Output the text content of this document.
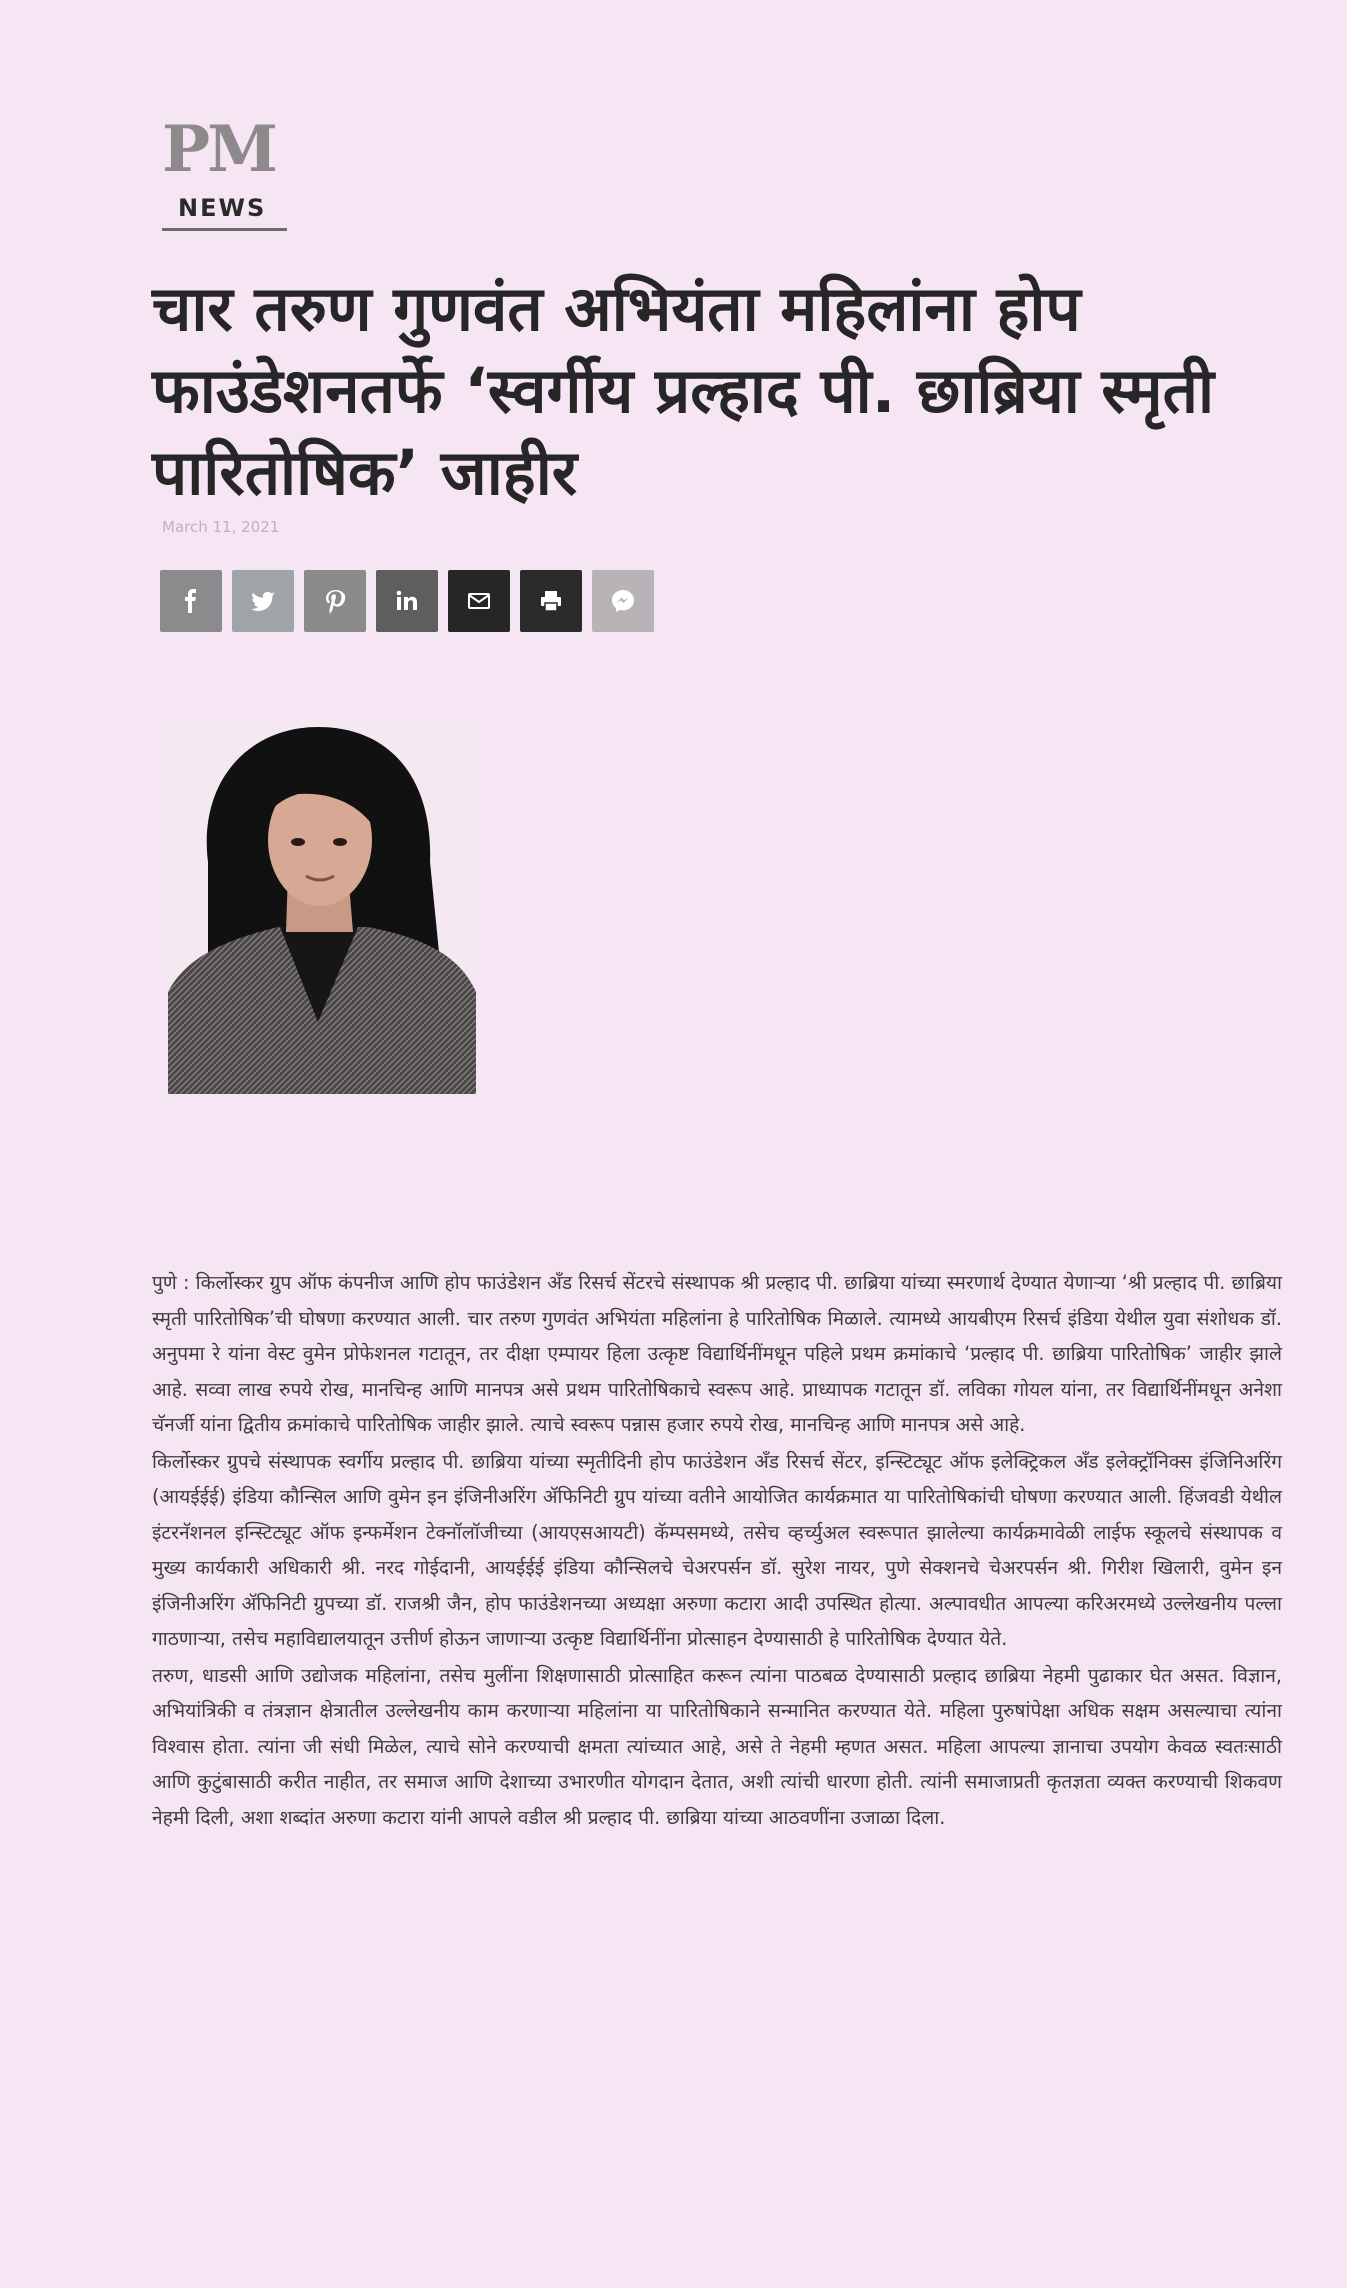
PM
NEWS
चार तरुण गुणवंत अभियंता महिलांना होप फाउंडेशनतर्फे ‘स्वर्गीय प्रल्हाद पी. छाब्रिया स्मृती पारितोषिक’ जाहीर
March 11, 2021

पुणे : किर्लोस्कर ग्रुप ऑफ कंपनीज आणि होप फाउंडेशन अँड रिसर्च सेंटरचे संस्थापक श्री प्रल्हाद पी. छाब्रिया यांच्या स्मरणार्थ देण्यात येणाऱ्या ‘श्री प्रल्हाद पी. छाब्रिया स्मृती पारितोषिक’ची घोषणा करण्यात आली. चार तरुण गुणवंत अभियंता महिलांना हे पारितोषिक मिळाले. त्यामध्ये आयबीएम रिसर्च इंडिया येथील युवा संशोधक डॉ. अनुपमा रे यांना वेस्ट वुमेन प्रोफेशनल गटातून, तर दीक्षा एम्पायर हिला उत्कृष्ट विद्यार्थिनींमधून पहिले प्रथम क्रमांकाचे ‘प्रल्हाद पी. छाब्रिया पारितोषिक’ जाहीर झाले आहे. सव्वा लाख रुपये रोख, मानचिन्ह आणि मानपत्र असे प्रथम पारितोषिकाचे स्वरूप आहे. प्राध्यापक गटातून डॉ. लविका गोयल यांना, तर विद्यार्थिनींमधून अनेशा चॅनर्जी यांना द्वितीय क्रमांकाचे पारितोषिक जाहीर झाले. त्याचे स्वरूप पन्नास हजार रुपये रोख, मानचिन्ह आणि मानपत्र असे आहे.

किर्लोस्कर ग्रुपचे संस्थापक स्वर्गीय प्रल्हाद पी. छाब्रिया यांच्या स्मृतीदिनी होप फाउंडेशन अँड रिसर्च सेंटर, इन्स्टिट्यूट ऑफ इलेक्ट्रिकल अँड इलेक्ट्रॉनिक्स इंजिनिअरिंग (आयईईई) इंडिया कौन्सिल आणि वुमेन इन इंजिनीअरिंग ॲफिनिटी ग्रुप यांच्या वतीने आयोजित कार्यक्रमात या पारितोषिकांची घोषणा करण्यात आली. हिंजवडी येथील इंटरनॅशनल इन्स्टिट्यूट ऑफ इन्फर्मेशन टेक्नॉलॉजीच्या (आयएसआयटी) कॅम्पसमध्ये, तसेच व्हर्च्युअल स्वरूपात झालेल्या कार्यक्रमावेळी लाईफ स्कूलचे संस्थापक व मुख्य कार्यकारी अधिकारी श्री. नरद गोईदानी, आयईईई इंडिया कौन्सिलचे चेअरपर्सन डॉ. सुरेश नायर, पुणे सेक्शनचे चेअरपर्सन श्री. गिरीश खिलारी, वुमेन इन इंजिनीअरिंग ॲफिनिटी ग्रुपच्या डॉ. राजश्री जैन, होप फाउंडेशनच्या अध्यक्षा अरुणा कटारा आदी उपस्थित होत्या. अल्पावधीत आपल्या करिअरमध्ये उल्लेखनीय पल्ला गाठणाऱ्या, तसेच महाविद्यालयातून उत्तीर्ण होऊन जाणाऱ्या उत्कृष्ट विद्यार्थिनींना प्रोत्साहन देण्यासाठी हे पारितोषिक देण्यात येते.

तरुण, धाडसी आणि उद्योजक महिलांना, तसेच मुलींना शिक्षणासाठी प्रोत्साहित करून त्यांना पाठबळ देण्यासाठी प्रल्हाद छाब्रिया नेहमी पुढाकार घेत असत. विज्ञान, अभियांत्रिकी व तंत्रज्ञान क्षेत्रातील उल्लेखनीय काम करणाऱ्या महिलांना या पारितोषिकाने सन्मानित करण्यात येते. महिला पुरुषांपेक्षा अधिक सक्षम असल्याचा त्यांना विश्वास होता. त्यांना जी संधी मिळेल, त्याचे सोने करण्याची क्षमता त्यांच्यात आहे, असे ते नेहमी म्हणत असत. महिला आपल्या ज्ञानाचा उपयोग केवळ स्वतःसाठी आणि कुटुंबासाठी करीत नाहीत, तर समाज आणि देशाच्या उभारणीत योगदान देतात, अशी त्यांची धारणा होती. त्यांनी समाजाप्रती कृतज्ञता व्यक्त करण्याची शिकवण नेहमी दिली, अशा शब्दांत अरुणा कटारा यांनी आपले वडील श्री प्रल्हाद पी. छाब्रिया यांच्या आठवणींना उजाळा दिला.
